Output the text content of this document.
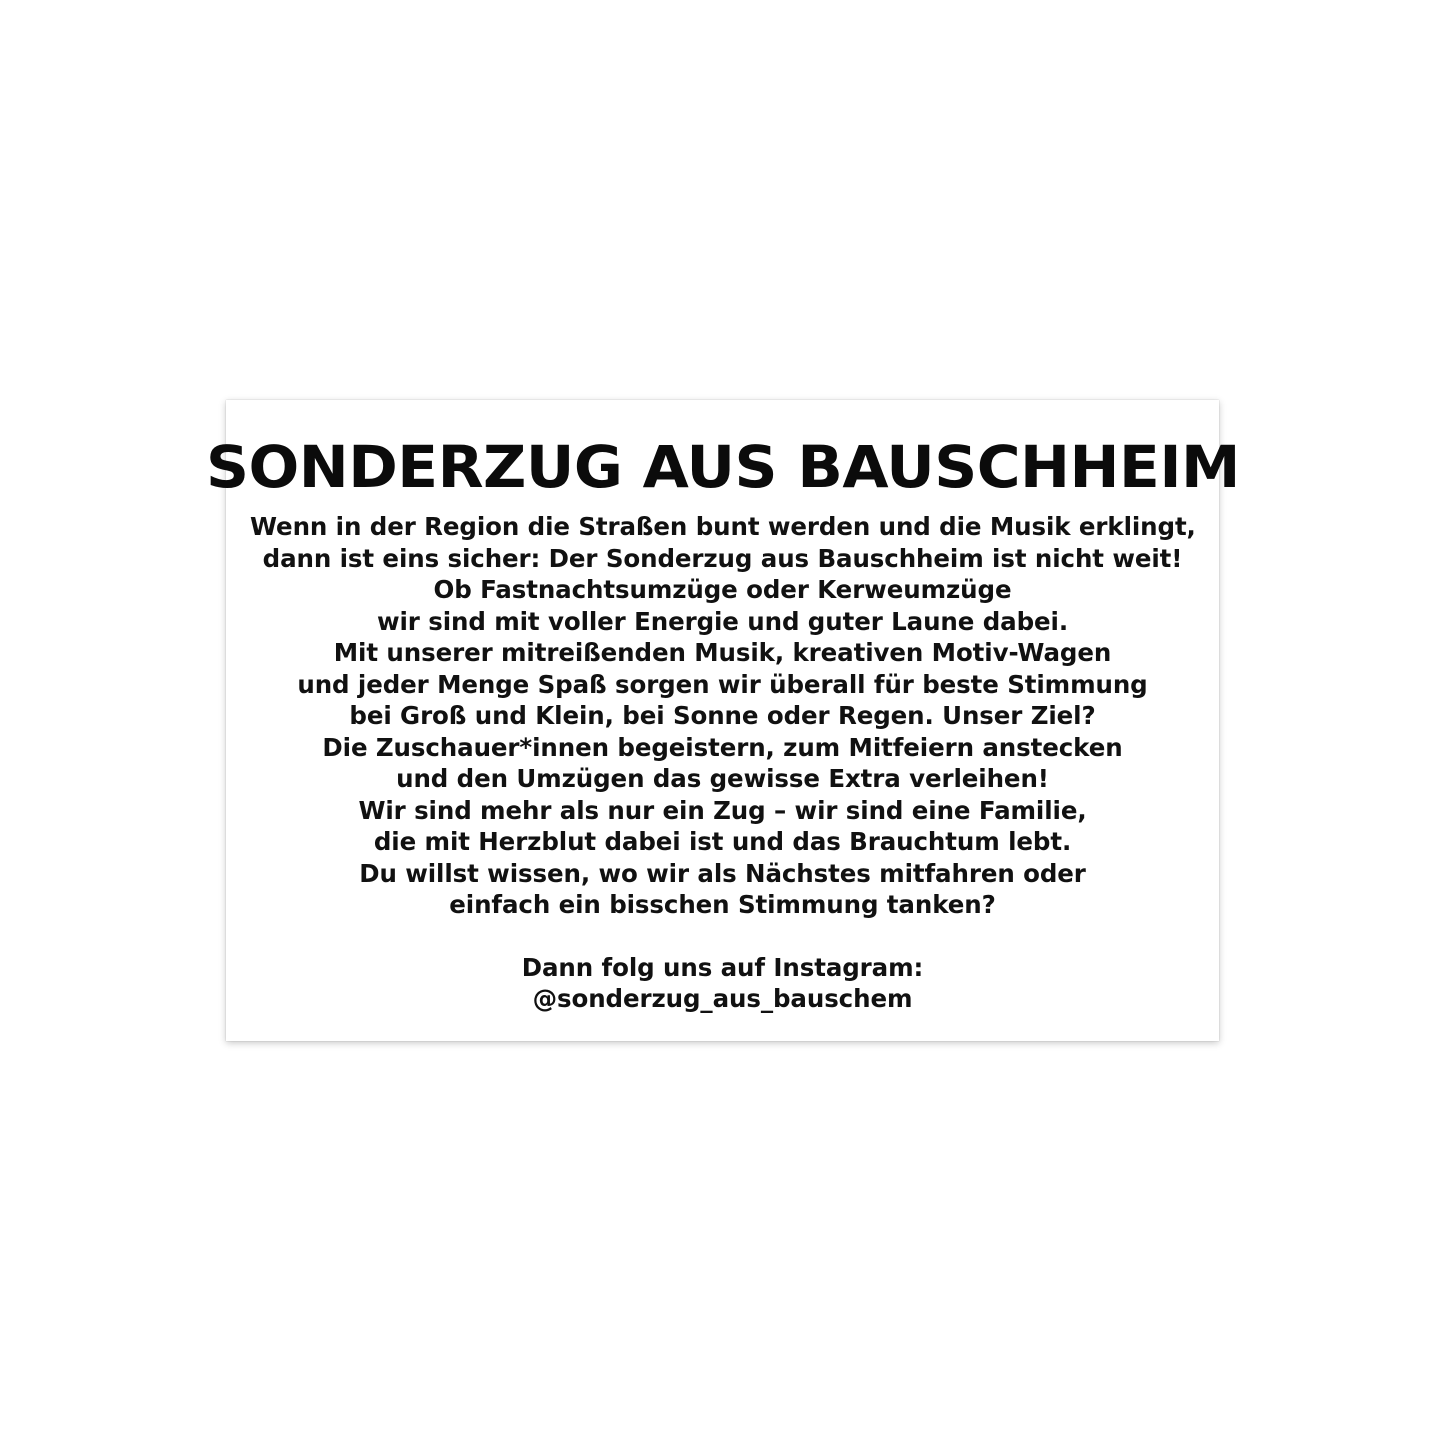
SONDERZUG AUS BAUSCHHEIM
Wenn in der Region die Straßen bunt werden und die Musik erklingt,
dann ist eins sicher: Der Sonderzug aus Bauschheim ist nicht weit!
Ob Fastnachtsumzüge oder Kerweumzüge
wir sind mit voller Energie und guter Laune dabei.
Mit unserer mitreißenden Musik, kreativen Motiv-Wagen
und jeder Menge Spaß sorgen wir überall für beste Stimmung
bei Groß und Klein, bei Sonne oder Regen. Unser Ziel?
Die Zuschauer*innen begeistern, zum Mitfeiern anstecken
und den Umzügen das gewisse Extra verleihen!
Wir sind mehr als nur ein Zug – wir sind eine Familie,
die mit Herzblut dabei ist und das Brauchtum lebt.
Du willst wissen, wo wir als Nächstes mitfahren oder
einfach ein bisschen Stimmung tanken?
Dann folg uns auf Instagram:
@sonderzug_aus_bauschem
